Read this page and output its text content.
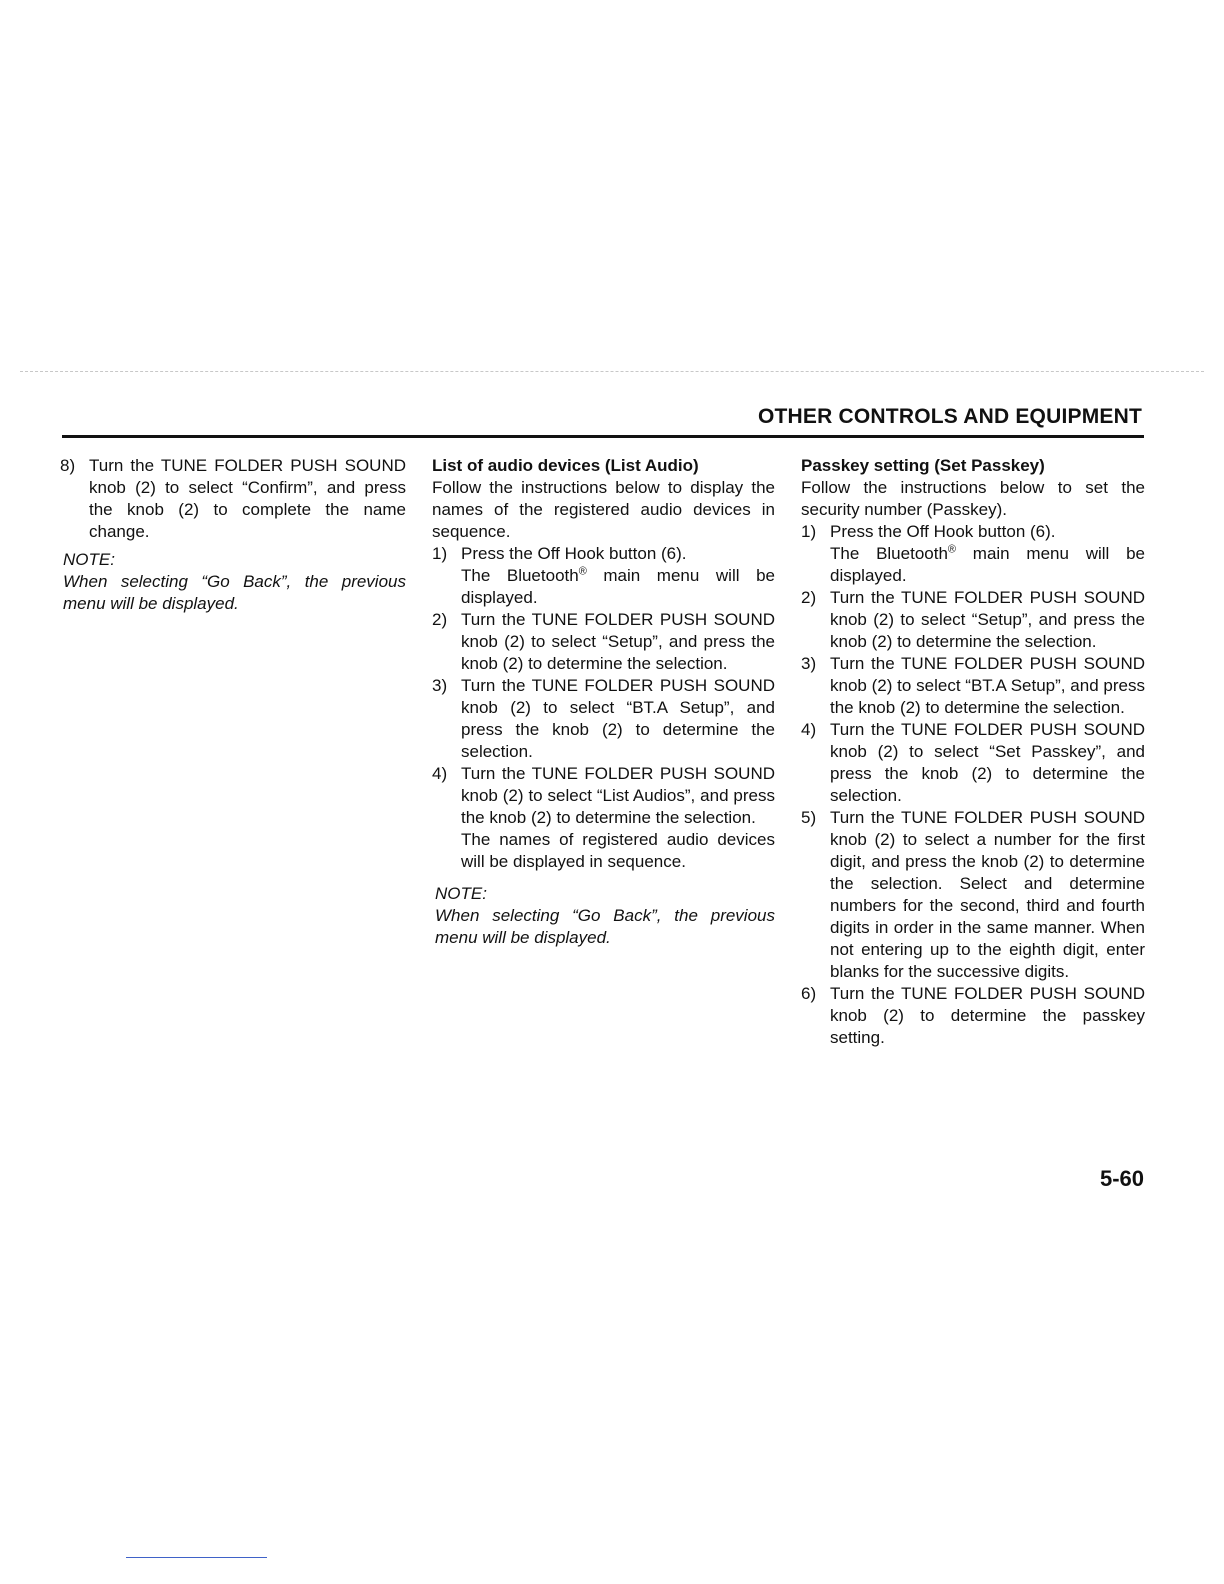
OTHER CONTROLS AND EQUIPMENT
8) Turn the TUNE FOLDER PUSH SOUND knob (2) to select “Confirm”, and press the knob (2) to complete the name change.

NOTE:

When selecting “Go Back”, the previous menu will be displayed.

List of audio devices (List Audio)

Follow the instructions below to display the names of the registered audio devices in sequence.

1) Press the Off Hook button (6).
The Bluetooth® main menu will be displayed.
2) Turn the TUNE FOLDER PUSH SOUND knob (2) to select “Setup”, and press the knob (2) to determine the selection.
3) Turn the TUNE FOLDER PUSH SOUND knob (2) to select “BT.A Setup”, and press the knob (2) to determine the selection.
4) Turn the TUNE FOLDER PUSH SOUND knob (2) to select “List Audios”, and press the knob (2) to determine the selection.
The names of registered audio devices will be displayed in sequence.

NOTE:

When selecting “Go Back”, the previous menu will be displayed.

Passkey setting (Set Passkey)

Follow the instructions below to set the security number (Passkey).

1) Press the Off Hook button (6).
The Bluetooth® main menu will be displayed.
2) Turn the TUNE FOLDER PUSH SOUND knob (2) to select “Setup”, and press the knob (2) to determine the selection.
3) Turn the TUNE FOLDER PUSH SOUND knob (2) to select “BT.A Setup”, and press the knob (2) to determine the selection.
4) Turn the TUNE FOLDER PUSH SOUND knob (2) to select “Set Passkey”, and press the knob (2) to determine the selection.
5) Turn the TUNE FOLDER PUSH SOUND knob (2) to select a number for the first digit, and press the knob (2) to determine the selection. Select and determine numbers for the second, third and fourth digits in order in the same manner. When not entering up to the eighth digit, enter blanks for the successive digits.
6) Turn the TUNE FOLDER PUSH SOUND knob (2) to determine the passkey setting.
5-60
